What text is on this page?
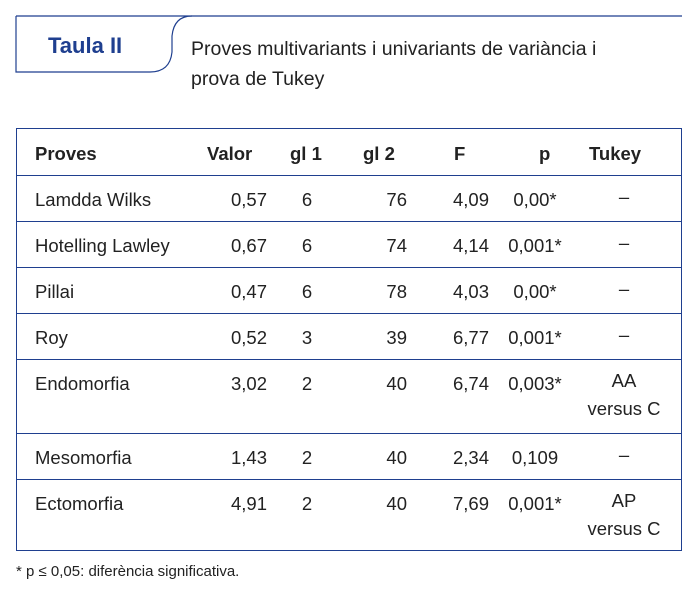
Taula II	Proves multivariants i univariants de variància i
prova de Tukey
Proves	Valor	gl 1	gl 2	F	p	Tukey
Lamdda Wilks	0,57	6	76	4,09	0,00*	–
Hotelling Lawley	0,67	6	74	4,14	0,001*	–
Pillai	0,47	6	78	4,03	0,00*	–
Roy	0,52	3	39	6,77	0,001*	–
Endomorfia	3,02	2	40	6,74	0,003*	AA
versus C
Mesomorfia	1,43	2	40	2,34	0,109	–
Ectomorfia	4,91	2	40	7,69	0,001*	AP
versus C
* p ≤ 0,05: diferència significativa.
